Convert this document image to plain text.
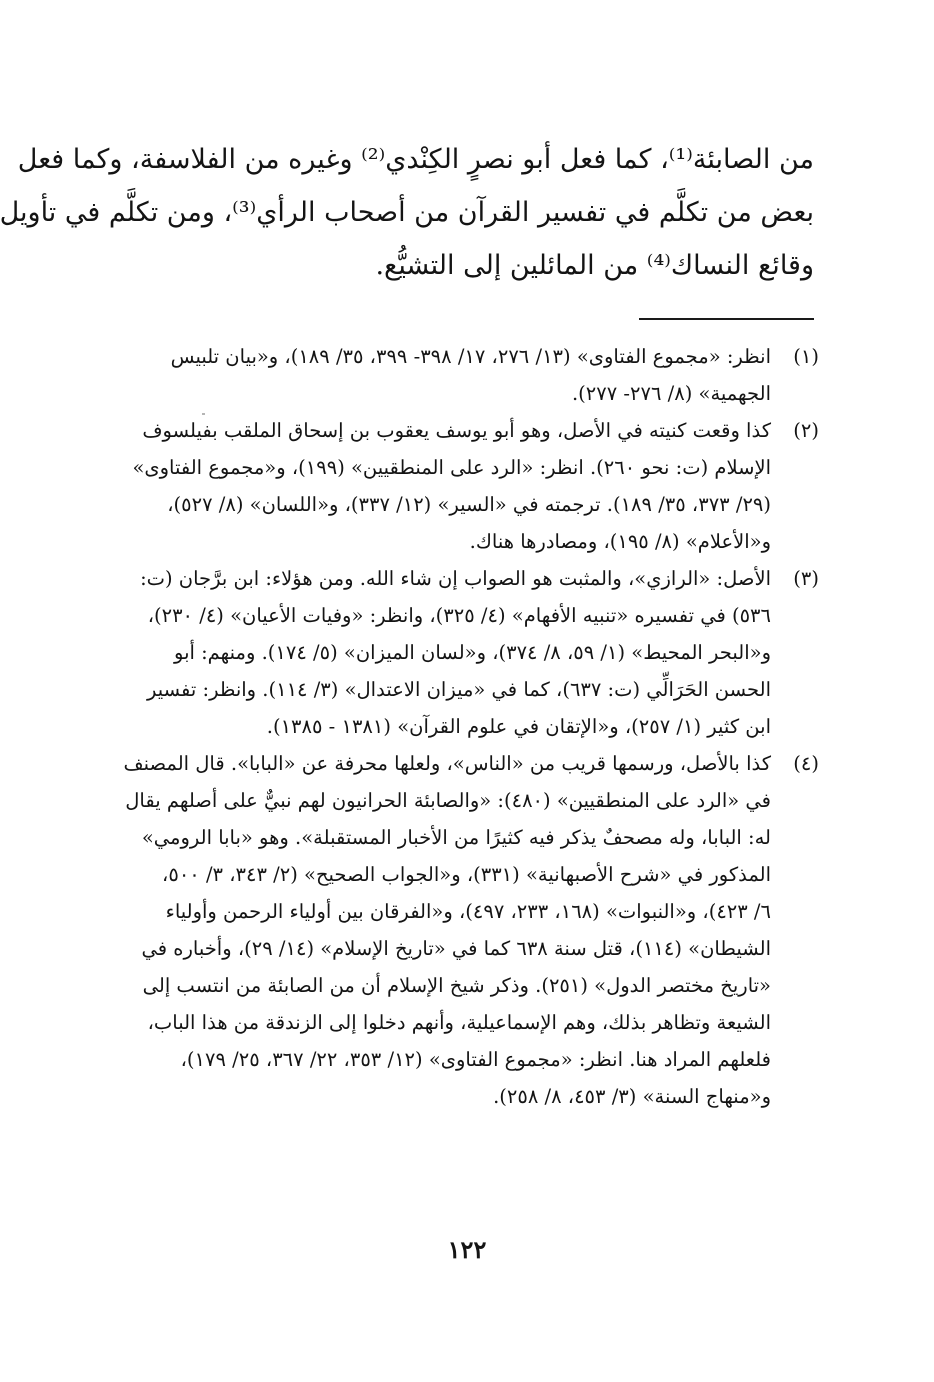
من الصابئة⁽¹⁾، كما فعل أبو نصرٍ الكِنْدي⁽²⁾ وغيره من الفلاسفة، وكما فعل
بعض من تكلَّم في تفسير القرآن من أصحاب الرأي⁽³⁾، ومن تكلَّم في تأويل
وقائع النساك⁽⁴⁾ من المائلين إلى التشيُّع.
(١)
انظر: «مجموع الفتاوى» (١٣/ ٢٧٦، ١٧/ ٣٩٨- ٣٩٩، ٣٥/ ١٨٩)، و«بيان تلبيس
الجهمية» (٨/ ٢٧٦- ٢٧٧).
(٢)
كذا وقعت كنيته في الأصل، وهو أبو يوسف يعقوب بن إسحاق الملقب بفيلسوف
الإسلام (ت: نحو ٢٦٠). انظر: «الرد على المنطقيين» (١٩٩)، و«مجموع الفتاوى»
(٢٩/ ٣٧٣، ٣٥/ ١٨٩). ترجمته في «السير» (١٢/ ٣٣٧)، و«اللسان» (٨/ ٥٢٧)،
و«الأعلام» (٨/ ١٩٥)، ومصادرها هناك.
(٣)
الأصل: «الرازي»، والمثبت هو الصواب إن شاء الله. ومن هؤلاء: ابن برَّجان (ت:
٥٣٦) في تفسيره «تنبيه الأفهام» (٤/ ٣٢٥)، وانظر: «وفيات الأعيان» (٤/ ٢٣٠)،
و«البحر المحيط» (١/ ٥٩، ٨/ ٣٧٤)، و«لسان الميزان» (٥/ ١٧٤). ومنهم: أبو
الحسن الحَرَالِّي (ت: ٦٣٧)، كما في «ميزان الاعتدال» (٣/ ١١٤). وانظر: تفسير
ابن كثير (١/ ٢٥٧)، و«الإتقان في علوم القرآن» (١٣٨١ - ١٣٨٥).
(٤)
كذا بالأصل، ورسمها قريب من «الناس»، ولعلها محرفة عن «البابا». قال المصنف
في «الرد على المنطقيين» (٤٨٠): «والصابئة الحرانيون لهم نبيٌّ على أصلهم يقال
له: البابا، وله مصحفٌ يذكر فيه كثيرًا من الأخبار المستقبلة». وهو «بابا الرومي»
المذكور في «شرح الأصبهانية» (٣٣١)، و«الجواب الصحيح» (٢/ ٣٤٣، ٣/ ٥٠٠،
٦/ ٤٢٣)، و«النبوات» (١٦٨، ٢٣٣، ٤٩٧)، و«الفرقان بين أولياء الرحمن وأولياء
الشيطان» (١١٤)، قتل سنة ٦٣٨ كما في «تاريخ الإسلام» (١٤/ ٢٩)، وأخباره في
«تاريخ مختصر الدول» (٢٥١). وذكر شيخ الإسلام أن من الصابئة من انتسب إلى
الشيعة وتظاهر بذلك، وهم الإسماعيلية، وأنهم دخلوا إلى الزندقة من هذا الباب،
فلعلهم المراد هنا. انظر: «مجموع الفتاوى» (١٢/ ٣٥٣، ٢٢/ ٣٦٧، ٢٥/ ١٧٩)،
و«منهاج السنة» (٣/ ٤٥٣، ٨/ ٢٥٨).
١٢٢
